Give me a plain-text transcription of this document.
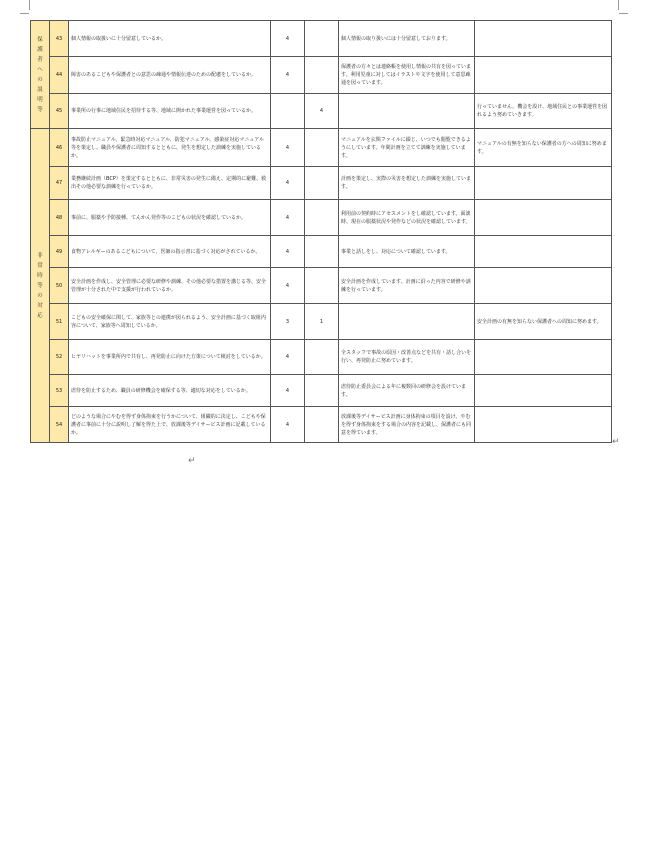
保護者への説明等	43	個人情報の取扱いに十分留意しているか。	4		個人情報の取り扱いには十分留意しております。	
	44	障害のあるこどもや保護者との意思の疎通や情報伝達のための配慮をしているか。	4		保護者の方々とは連絡帳を使用し情報の共有を図っています。利用児童に対してはイラストや文字を使用して意思疎通を図っています。	
	45	事業所の行事に地域住民を招待する等、地域に開かれた事業運営を図っているか。		4		行っていません。機会を設け、地域住民との事業運営を図れるよう努めていきます。
非常時等の対応	46	事故防止マニュアル、緊急時対応マニュアル、防犯マニュアル、感染症対応マニュアル等を策定し、職員や保護者に周知するとともに、発生を想定した訓練を実施しているか。	4		マニュアルを玄関ファイルに綴じ、いつでも閲覧できるようにしています。年間計画を立てて訓練を実施しています。	マニュアルの有無を知らない保護者の方への周知に努めます。
	47	業務継続計画（BCP）を策定するとともに、非常災害の発生に備え、定期的に避難、救出その他必要な訓練を行っているか。	4		計画を策定し、実際の災害を想定した訓練を実施しています。	
	48	事前に、服薬や予防接種、てんかん発作等のこどもの状況を確認しているか。	4		利用前の契約時にアセスメントをし確認しています。面談時、現在の服薬状況や発作などの状況を確認しています。	
	49	食物アレルギーのあるこどもについて、医師の指示書に基づく対応がされているか。	4		事業と話しをし、対応について確認しています。	
	50	安全計画を作成し、安全管理に必要な研修や訓練、その他必要な措置を講じる等、安全管理が十分された中で支援が行われているか。	4		安全計画を作成しています。計画に沿った内容で研修や訓練を行っています。	
	51	こどもの安全確保に関して、家族等との連携が図られるよう、安全計画に基づく取組内容について、家族等へ周知しているか。	3	1		安全計画の有無を知らない保護者への周知に努めます。
	52	ヒヤリハットを事業所内で共有し、再発防止に向けた方策について検討をしているか。	4		全スタッフで事故の原因・改善点などを共有・話し合いを行い、再発防止に努めています。	
	53	虐待を防止するため、職員の研修機会を確保する等、適切な対応をしているか。	4		虐待防止委員会による年に複数回の研修会を設けています。	
	54	どのような場合にやむを得ず身体拘束を行うかについて、組織的に決定し、こどもや保護者に事前に十分に説明し了解を得た上で、放課後等デイサービス計画に記載しているか。	4		放課後等デイサービス計画に身体拘束の項目を設け、やむを得ず身体拘束をする場合の内容を記載し、保護者にも同意を得ています。	
↵
↵
